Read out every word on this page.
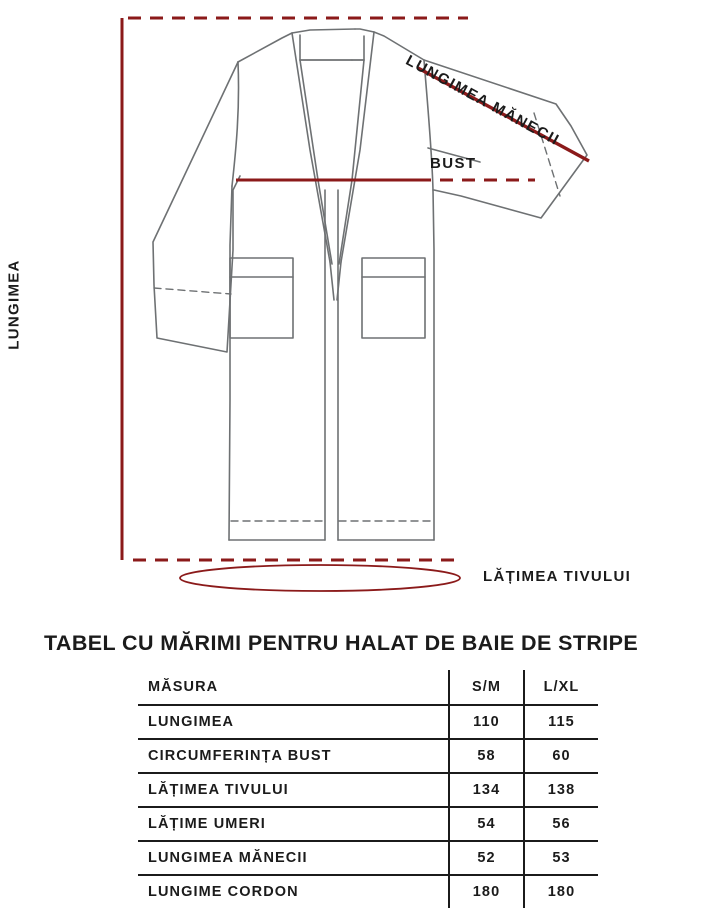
LUNGIMEA
LUNGIMEA MĂNECII
BUST
LĂȚIMEA TIVULUI
TABEL CU MĂRIMI PENTRU HALAT DE BAIE DE STRIPE
MĂSURA	S/M	L/XL
LUNGIMEA	110	115
CIRCUMFERINȚA BUST	58	60
LĂȚIMEA TIVULUI	134	138
LĂȚIME UMERI	54	56
LUNGIMEA MĂNECII	52	53
LUNGIME CORDON	180	180
